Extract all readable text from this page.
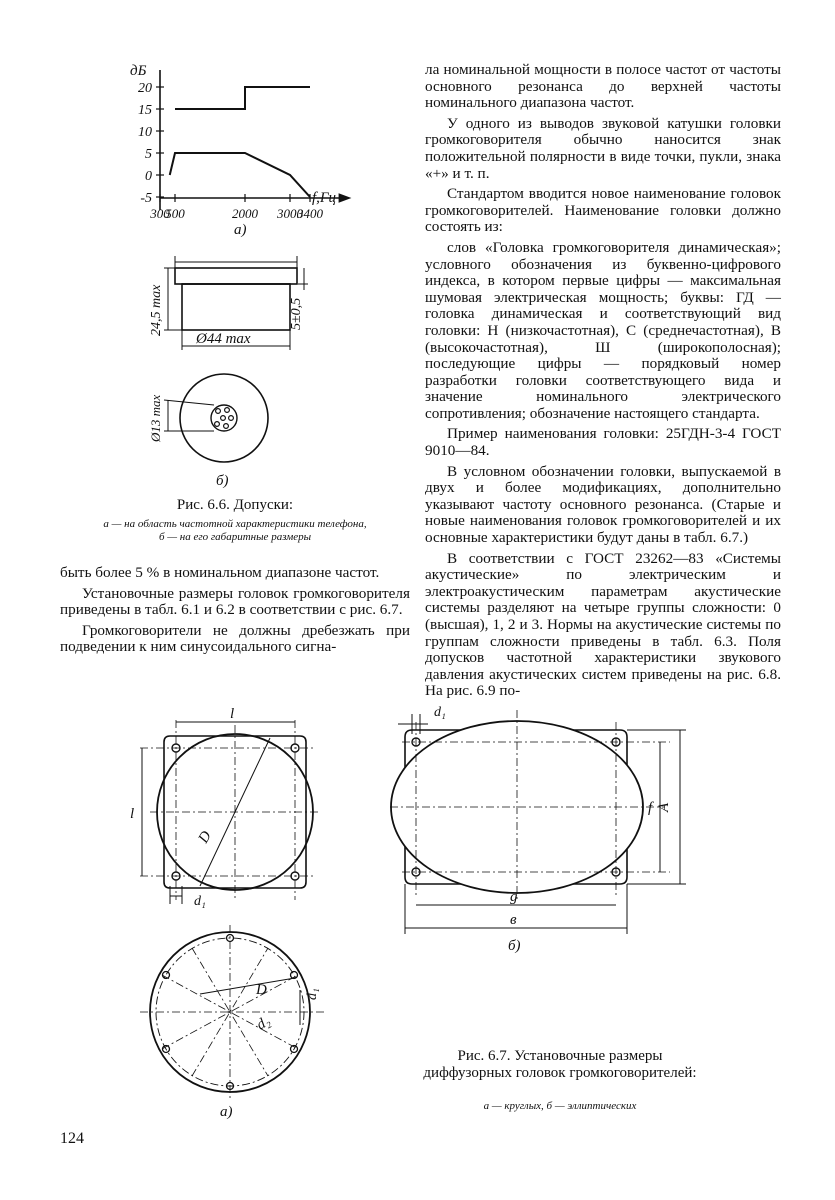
дБ
f,Гц
20
15
10
5
0
-5
300
500	2000 3000
3400
а)
24,5 max	5±0,5
Ø44 max
Ø13 max
б)
Рис. 6.6. Допуски:
а — на область частотной характеристики телефона,
б — на его габаритные размеры

быть более 5 % в номинальном диапазоне частот.

Установочные размеры головок громкоговорителя приведены в табл. 6.1 и 6.2 в соответствии с рис. 6.7.

Громкоговорители не должны дребезжать при подведении к ним синусоидального сигна-

ла номинальной мощности в полосе частот от частоты основного резонанса до верхней частоты номинального диапазона частот.

У одного из выводов звуковой катушки головки громкоговорителя обычно наносится знак положительной полярности в виде точки, пукли, знака «+» и т. п.

Стандартом вводится новое наименование головок громкоговорителей. Наименование головки должно состоять из:

слов «Головка громкоговорителя динамическая»; условного обозначения из буквенно-цифрового индекса, в котором первые цифры — максимальная шумовая электрическая мощность; буквы: ГД — головка динамическая и соответствующий вид головки: Н (низкочастотная), С (среднечастотная), В (высокочастотная), Ш (широкополосная); последующие цифры — порядковый номер разработки головки соответствующего вида и значение номинального электрического сопротивления; обозначение настоящего стандарта.

Пример наименования головки: 25ГДН-3-4 ГОСТ 9010—84.

В условном обозначении головки, выпускаемой в двух и более модификациях, дополнительно указывают частоту основного резонанса. (Старые и новые наименования головок громкоговорителей и их основные характеристики будут даны в табл. 6.7.)

В соответствии с ГОСТ 23262—83 «Системы акустические» по электрическим и электроакустическим параметрам акустические системы разделяют на четыре группы сложности: 0 (высшая), 1, 2 и 3. Нормы на акустические системы по группам сложности приведены в табл. 6.3. Поля допусков частотной характеристики звукового давления акустических систем приведены на рис. 6.8. На рис. 6.9 по-

l
l
D
d₁
D	d₁
d₂
а)
d₁
f A
g
в
б)
Рис. 6.7. Установочные размеры диффузорных головок громкоговорителей:
а — круглых, б — эллиптических
124
